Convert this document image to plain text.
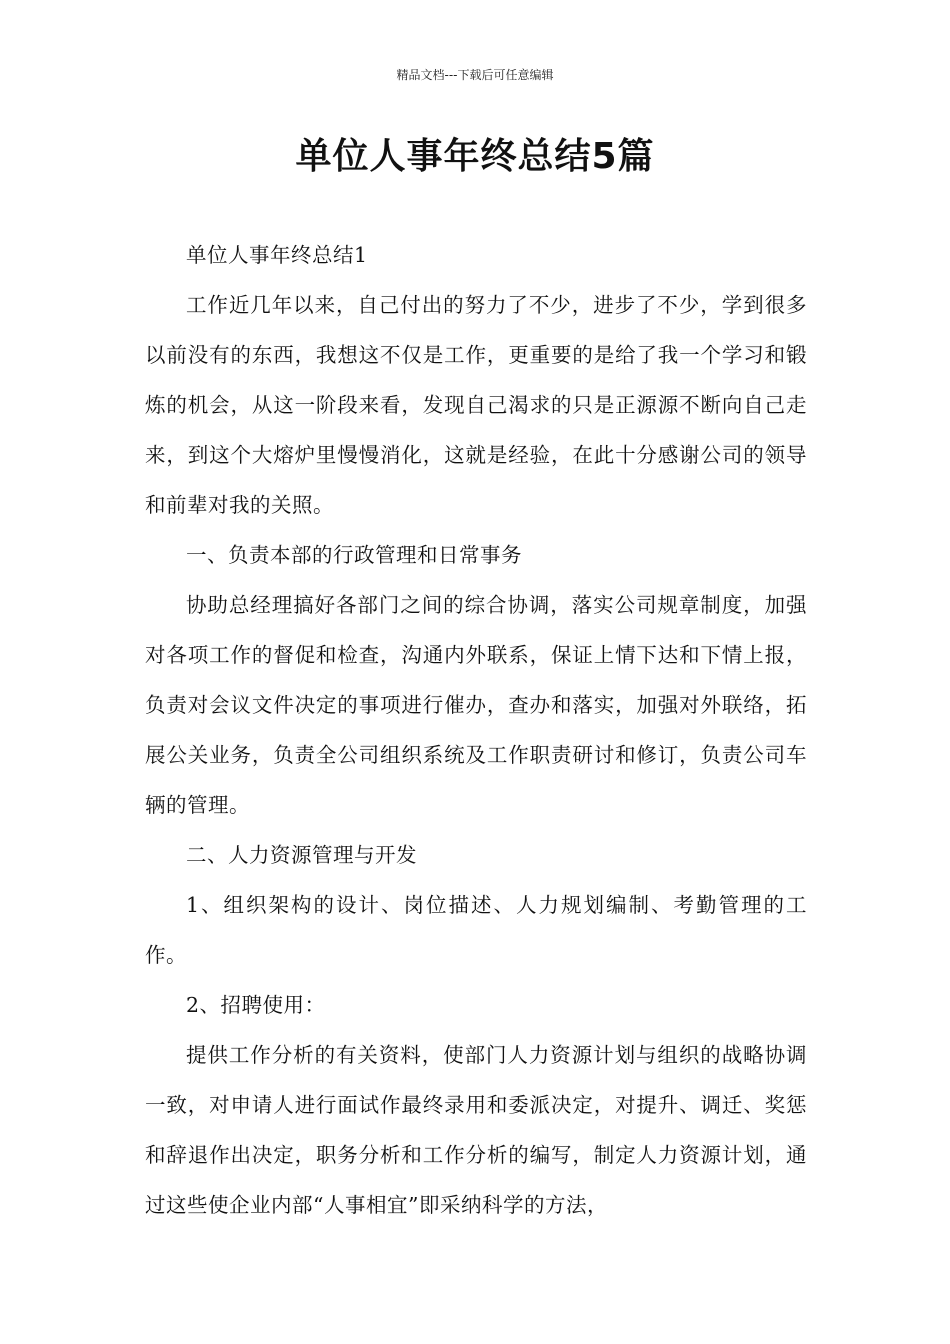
精品文档---下载后可任意编辑
单位人事年终总结5篇

单位人事年终总结1

工作近几年以来，自己付出的努力了不少，进步了不少，学到很多以前没有的东西，我想这不仅是工作，更重要的是给了我一个学习和锻炼的机会，从这一阶段来看，发现自己渴求的只是正源源不断向自己走来，到这个大熔炉里慢慢消化，这就是经验，在此十分感谢公司的领导和前辈对我的关照。

一、负责本部的行政管理和日常事务

协助总经理搞好各部门之间的综合协调，落实公司规章制度，加强对各项工作的督促和检查，沟通内外联系，保证上情下达和下情上报，负责对会议文件决定的事项进行催办，查办和落实，加强对外联络，拓展公关业务，负责全公司组织系统及工作职责研讨和修订，负责公司车辆的管理。

二、人力资源管理与开发

1、组织架构的设计、岗位描述、人力规划编制、考勤管理的工作。

2、招聘使用：

提供工作分析的有关资料，使部门人力资源计划与组织的战略协调一致，对申请人进行面试作最终录用和委派决定，对提升、调迁、奖惩和辞退作出决定，职务分析和工作分析的编写，制定人力资源计划，通过这些使企业内部“人事相宜”即采纳科学的方法，
